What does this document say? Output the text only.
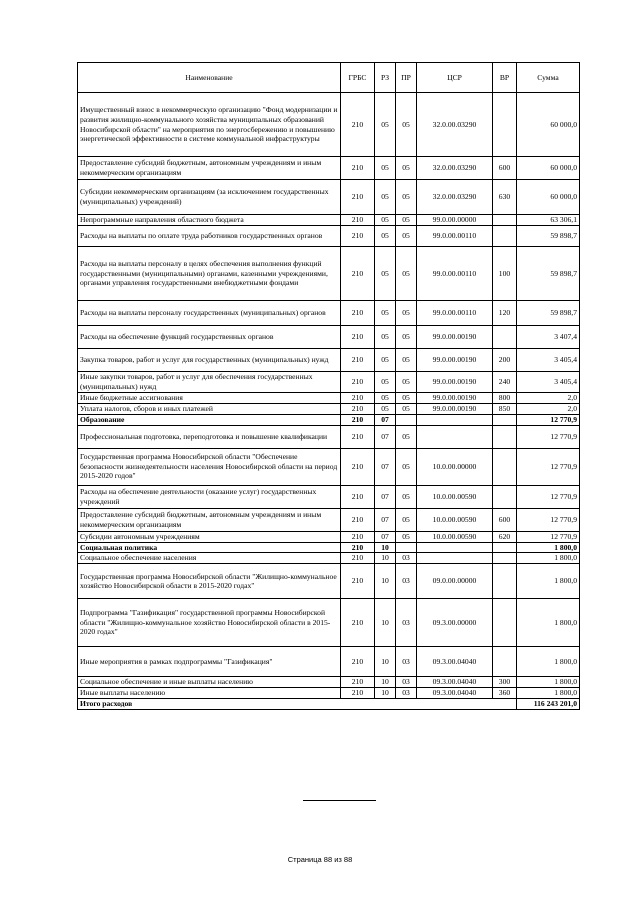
Наименование	ГРБС	РЗ	ПР	ЦСР	ВР	Сумма
Имущественный взнос в некоммерческую организацию "Фонд модернизации и развития жилищно-коммунального хозяйства муниципальных образований Новосибирской области" на мероприятия по энергосбережению и повышению энергетической эффективности в системе коммунальной инфраструктуры	210	05	05	32.0.00.03290		60 000,0
Предоставление субсидий бюджетным, автономным учреждениям и иным некоммерческим организациям	210	05	05	32.0.00.03290	600	60 000,0
Субсидии некоммерческим организациям (за исключением государственных (муниципальных) учреждений)	210	05	05	32.0.00.03290	630	60 000,0
Непрограммные направления областного бюджета	210	05	05	99.0.00.00000		63 306,1
Расходы на выплаты по оплате труда работников государственных органов	210	05	05	99.0.00.00110		59 898,7
Расходы на выплаты персоналу в целях обеспечения выполнения функций государственными (муниципальными) органами, казенными учреждениями, органами управления государственными внебюджетными фондами	210	05	05	99.0.00.00110	100	59 898,7
Расходы на выплаты персоналу государственных (муниципальных) органов	210	05	05	99.0.00.00110	120	59 898,7
Расходы на обеспечение функций государственных органов	210	05	05	99.0.00.00190		3 407,4
Закупка товаров, работ и услуг для государственных (муниципальных) нужд	210	05	05	99.0.00.00190	200	3 405,4
Иные закупки товаров, работ и услуг для обеспечения государственных (муниципальных) нужд	210	05	05	99.0.00.00190	240	3 405,4
Иные бюджетные ассигнования	210	05	05	99.0.00.00190	800	2,0
Уплата налогов, сборов и иных платежей	210	05	05	99.0.00.00190	850	2,0
Образование	210	07				12 770,9
Профессиональная подготовка, переподготовка и повышение квалификации	210	07	05			12 770,9
Государственная программа Новосибирской области "Обеспечение безопасности жизнедеятельности населения Новосибирской области на период 2015-2020 годов"	210	07	05	10.0.00.00000		12 770,9
Расходы на обеспечение деятельности (оказание услуг) государственных учреждений	210	07	05	10.0.00.00590		12 770,9
Предоставление субсидий бюджетным, автономным учреждениям и иным некоммерческим организациям	210	07	05	10.0.00.00590	600	12 770,9
Субсидии автономным учреждениям	210	07	05	10.0.00.00590	620	12 770,9
Социальная политика	210	10				1 800,0
Социальное обеспечение населения	210	10	03			1 800,0
Государственная программа Новосибирской области "Жилищно-коммунальное хозяйство Новосибирской области в 2015-2020 годах"	210	10	03	09.0.00.00000		1 800,0
Подпрограмма "Газификация" государственной программы Новосибирской области "Жилищно-коммунальное хозяйство Новосибирской области в 2015-2020 годах"	210	10	03	09.3.00.00000		1 800,0
Иные мероприятия в рамках подпрограммы "Газификация"	210	10	03	09.3.00.04040		1 800,0
Социальное обеспечение и иные выплаты населению	210	10	03	09.3.00.04040	300	1 800,0
Иные выплаты населению	210	10	03	09.3.00.04040	360	1 800,0
Итого расходов						116 243 201,0
Страница 88 из 88
